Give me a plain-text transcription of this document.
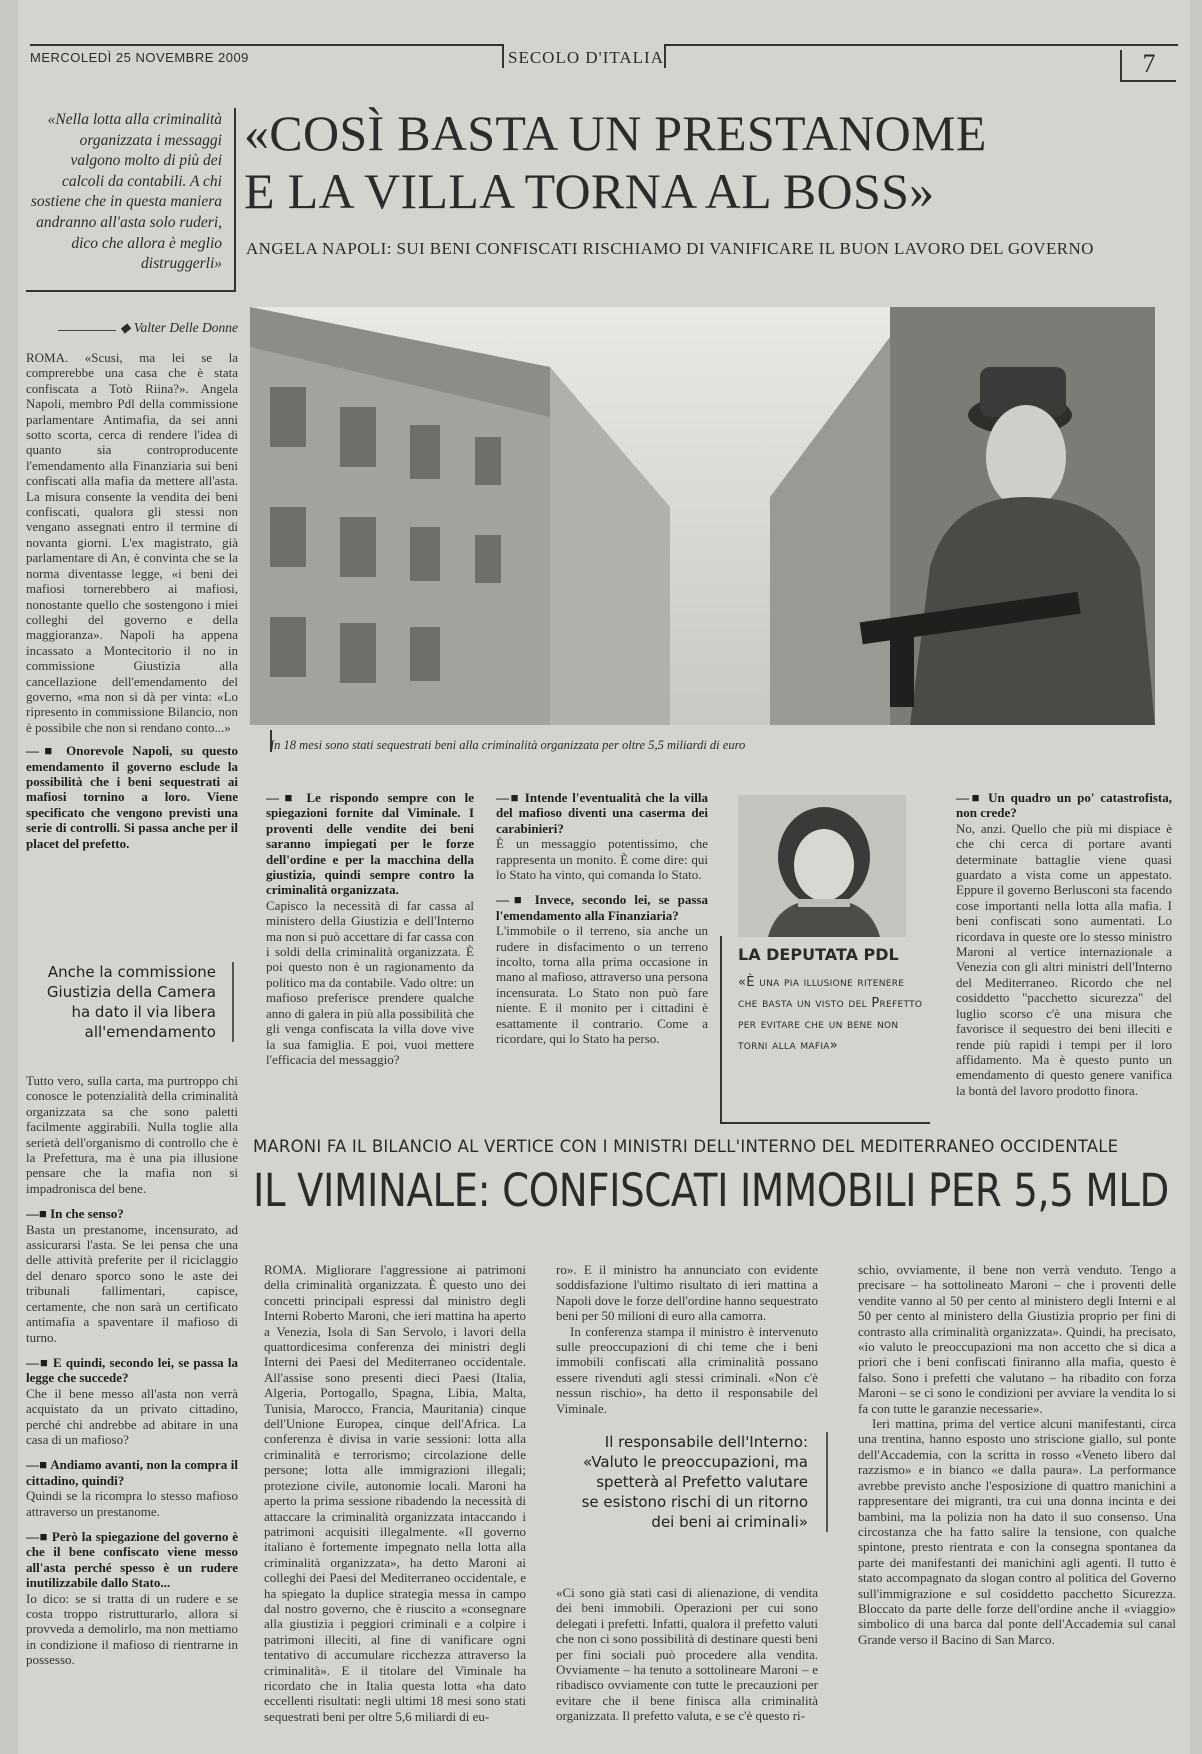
MERCOLEDÌ 25 NOVEMBRE 2009	SECOLO D'ITALIA	7
«Nella lotta alla criminalità organizzata i messaggi valgono molto di più dei calcoli da contabili. A chi sostiene che in questa maniera andranno all'asta solo ruderi, dico che allora è meglio distruggerli»
«COSÌ BASTA UN PRESTANOME
E LA VILLA TORNA AL BOSS»
ANGELA NAPOLI: SUI BENI CONFISCATI RISCHIAMO DI VANIFICARE IL BUON LAVORO DEL GOVERNO
In 18 mesi sono stati sequestrati beni alla criminalità organizzata per oltre 5,5 miliardi di euro
◆ Valter Delle Donne

ROMA. «Scusi, ma lei se la comprerebbe una casa che è stata confiscata a Totò Riina?». Angela Napoli, membro Pdl della commissione parlamentare Antimafia, da sei anni sotto scorta, cerca di rendere l'idea di quanto sia controproducente l'emendamento alla Finanziaria sui beni confiscati alla mafia da mettere all'asta. La misura consente la vendita dei beni confiscati, qualora gli stessi non vengano assegnati entro il termine di novanta giorni. L'ex magistrato, già parlamentare di An, è convinta che se la norma diventasse legge, «i beni dei mafiosi tornerebbero ai mafiosi, nonostante quello che sostengono i miei colleghi del governo e della maggioranza». Napoli ha appena incassato a Montecitorio il no in commissione Giustizia alla cancellazione dell'emendamento del governo, «ma non si dà per vinta: «Lo ripresento in commissione Bilancio, non è possibile che non si rendano conto...»

—■ Onorevole Napoli, su questo emendamento il governo esclude la possibilità che i beni sequestrati ai mafiosi tornino a loro. Viene specificato che vengono previsti una serie di controlli. Si passa anche per il placet del prefetto.

Anche la commissione Giustizia della Camera ha dato il via libera all'emendamento

Tutto vero, sulla carta, ma purtroppo chi conosce le potenzialità della criminalità organizzata sa che sono paletti facilmente aggirabili. Nulla toglie alla serietà dell'organismo di controllo che è la Prefettura, ma è una pia illusione pensare che la mafia non si impadronisca del bene.

—■ In che senso?

Basta un prestanome, incensurato, ad assicurarsi l'asta. Se lei pensa che una delle attività preferite per il riciclaggio del denaro sporco sono le aste dei tribunali fallimentari, capisce, certamente, che non sarà un certificato antimafia a spaventare il mafioso di turno.

—■ E quindi, secondo lei, se passa la legge che succede?

Che il bene messo all'asta non verrà acquistato da un privato cittadino, perché chi andrebbe ad abitare in una casa di un mafioso?

—■ Andiamo avanti, non la compra il cittadino, quindi?

Quindi se la ricompra lo stesso mafioso attraverso un prestanome.

—■ Però la spiegazione del governo è che il bene confiscato viene messo all'asta perché spesso è un rudere inutilizzabile dallo Stato...

Io dico: se si tratta di un rudere e se costa troppo ristrutturarlo, allora si provveda a demolirlo, ma non mettiamo in condizione il mafioso di rientrarne in possesso.

—■ Le rispondo sempre con le spiegazioni fornite dal Viminale. I proventi delle vendite dei beni saranno impiegati per le forze dell'ordine e per la macchina della giustizia, quindi sempre contro la criminalità organizzata.

Capisco la necessità di far cassa al ministero della Giustizia e dell'Interno ma non si può accettare di far cassa con i soldi della criminalità organizzata. È poi questo non è un ragionamento da politico ma da contabile. Vado oltre: un mafioso preferisce prendere qualche anno di galera in più alla possibilità che gli venga confiscata la villa dove vive la sua famiglia. E poi, vuoi mettere l'efficacia del messaggio?

—■ Intende l'eventualità che la villa del mafioso diventi una caserma dei carabinieri?

È un messaggio potentissimo, che rappresenta un monito. È come dire: qui lo Stato ha vinto, qui comanda lo Stato.

—■ Invece, secondo lei, se passa l'emendamento alla Finanziaria?

L'immobile o il terreno, sia anche un rudere in disfacimento o un terreno incolto, torna alla prima occasione in mano al mafioso, attraverso una persona incensurata. Lo Stato non può fare niente. E il monito per i cittadini è esattamente il contrario. Come a ricordare, qui lo Stato ha perso.

LA DEPUTATA PDL
«È una pia illusione ritenere che basta un visto del Prefetto per evitare che un bene non torni alla mafia»

—■ Un quadro un po' catastrofista, non crede?

No, anzi. Quello che più mi dispiace è che chi cerca di portare avanti determinate battaglie viene quasi guardato a vista come un appestato. Eppure il governo Berlusconi sta facendo cose importanti nella lotta alla mafia. I beni confiscati sono aumentati. Lo ricordava in queste ore lo stesso ministro Maroni al vertice internazionale a Venezia con gli altri ministri dell'Interno del Mediterraneo. Ricordo che nel cosiddetto "pacchetto sicurezza" del luglio scorso c'è una misura che favorisce il sequestro dei beni illeciti e rende più rapidi i tempi per il loro affidamento. Ma è questo punto un emendamento di questo genere vanifica la bontà del lavoro prodotto finora.

MARONI FA IL BILANCIO AL VERTICE CON I MINISTRI DELL'INTERNO DEL MEDITERRANEO OCCIDENTALE
IL VIMINALE: CONFISCATI IMMOBILI PER 5,5 MLD

ROMA. Migliorare l'aggressione ai patrimoni della criminalità organizzata. È questo uno dei concetti principali espressi dal ministro degli Interni Roberto Maroni, che ieri mattina ha aperto a Venezia, Isola di San Servolo, i lavori della quattordicesima conferenza dei ministri degli Interni dei Paesi del Mediterraneo occidentale. All'assise sono presenti dieci Paesi (Italia, Algeria, Portogallo, Spagna, Libia, Malta, Tunisia, Marocco, Francia, Mauritania) cinque dell'Unione Europea, cinque dell'Africa. La conferenza è divisa in varie sessioni: lotta alla criminalità e terrorismo; circolazione delle persone; lotta alle immigrazioni illegali; protezione civile, autonomie locali. Maroni ha aperto la prima sessione ribadendo la necessità di attaccare la criminalità organizzata intaccando i patrimoni acquisiti illegalmente. «Il governo italiano è fortemente impegnato nella lotta alla criminalità organizzata», ha detto Maroni ai colleghi dei Paesi del Mediterraneo occidentale, e ha spiegato la duplice strategia messa in campo dal nostro governo, che è riuscito a «consegnare alla giustizia i peggiori criminali e a colpire i patrimoni illeciti, al fine di vanificare ogni tentativo di accumulare ricchezza attraverso la criminalità». E il titolare del Viminale ha ricordato che in Italia questa lotta «ha dato eccellenti risultati: negli ultimi 18 mesi sono stati sequestrati beni per oltre 5,6 miliardi di eu-

ro». E il ministro ha annunciato con evidente soddisfazione l'ultimo risultato di ieri mattina a Napoli dove le forze dell'ordine hanno sequestrato beni per 50 milioni di euro alla camorra.

In conferenza stampa il ministro è intervenuto sulle preoccupazioni di chi teme che i beni immobili confiscati alla criminalità possano essere rivenduti agli stessi criminali. «Non c'è nessun rischio», ha detto il responsabile del Viminale.

Il responsabile dell'Interno: «Valuto le preoccupazioni, ma spetterà al Prefetto valutare se esistono rischi di un ritorno dei beni ai criminali»

«Ci sono già stati casi di alienazione, di vendita dei beni immobili. Operazioni per cui sono delegati i prefetti. Infatti, qualora il prefetto valuti che non ci sono possibilità di destinare questi beni per fini sociali può procedere alla vendita. Ovviamente – ha tenuto a sottolineare Maroni – e ribadisco ovviamente con tutte le precauzioni per evitare che il bene finisca alla criminalità organizzata. Il prefetto valuta, e se c'è questo ri-

schio, ovviamente, il bene non verrà venduto. Tengo a precisare – ha sottolineato Maroni – che i proventi delle vendite vanno al 50 per cento al ministero degli Interni e al 50 per cento al ministero della Giustizia proprio per fini di contrasto alla criminalità organizzata». Quindi, ha precisato, «io valuto le preoccupazioni ma non accetto che si dica a priori che i beni confiscati finiranno alla mafia, questo è falso. Sono i prefetti che valutano – ha ribadito con forza Maroni – se ci sono le condizioni per avviare la vendita lo si fa con tutte le garanzie necessarie».

Ieri mattina, prima del vertice alcuni manifestanti, circa una trentina, hanno esposto uno striscione giallo, sul ponte dell'Accademia, con la scritta in rosso «Veneto libero dal razzismo» e in bianco «e dalla paura». La performance avrebbe previsto anche l'esposizione di quattro manichini a rappresentare dei migranti, tra cui una donna incinta e dei bambini, ma la polizia non ha dato il suo consenso. Una circostanza che ha fatto salire la tensione, con qualche spintone, presto rientrata e con la consegna spontanea da parte dei manifestanti dei manichini agli agenti. Il tutto è stato accompagnato da slogan contro al politica del Governo sull'immigrazione e sul cosiddetto pacchetto Sicurezza. Bloccato da parte delle forze dell'ordine anche il «viaggio» simbolico di una barca dal ponte dell'Accademia sul canal Grande verso il Bacino di San Marco.
